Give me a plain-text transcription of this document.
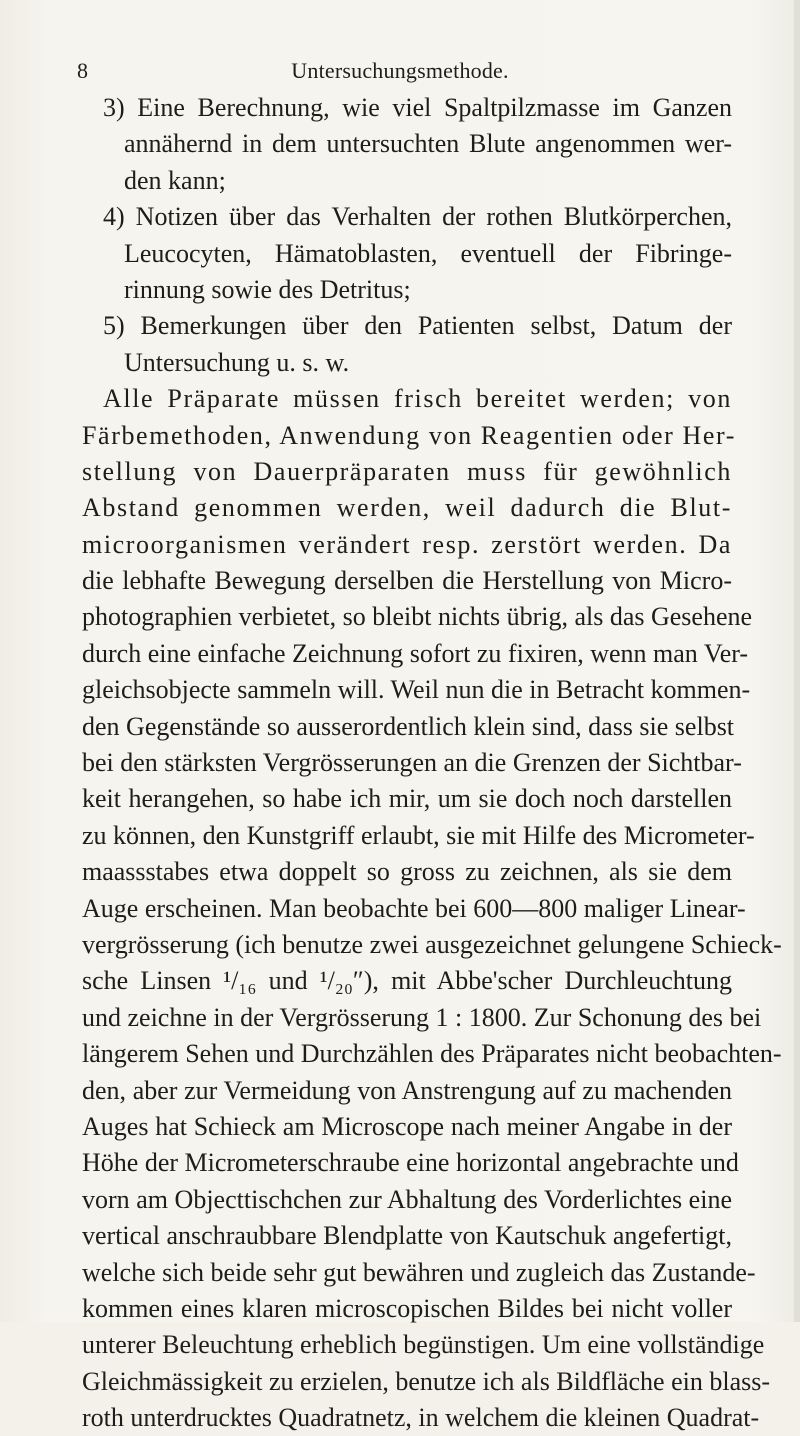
8	Untersuchungsmethode.
3) Eine Berechnung, wie viel Spaltpilzmasse im Ganzen
annähernd in dem untersuchten Blute angenommen wer-
den kann;
4) Notizen über das Verhalten der rothen Blutkörperchen,
Leucocyten, Hämatoblasten, eventuell der Fibringe-
rinnung sowie des Detritus;
5) Bemerkungen über den Patienten selbst, Datum der
Untersuchung u. s. w.
Alle Präparate müssen frisch bereitet werden; von
Färbemethoden, Anwendung von Reagentien oder Her-
stellung von Dauerpräparaten muss für gewöhnlich
Abstand genommen werden, weil dadurch die Blut-
microorganismen verändert resp. zerstört werden. Da
die lebhafte Bewegung derselben die Herstellung von Micro-
photographien verbietet, so bleibt nichts übrig, als das Gesehene
durch eine einfache Zeichnung sofort zu fixiren, wenn man Ver-
gleichsobjecte sammeln will. Weil nun die in Betracht kommen-
den Gegenstände so ausserordentlich klein sind, dass sie selbst
bei den stärksten Vergrösserungen an die Grenzen der Sichtbar-
keit herangehen, so habe ich mir, um sie doch noch darstellen
zu können, den Kunstgriff erlaubt, sie mit Hilfe des Micrometer-
maassstabes etwa doppelt so gross zu zeichnen, als sie dem
Auge erscheinen. Man beobachte bei 600—800 maliger Linear-
vergrösserung (ich benutze zwei ausgezeichnet gelungene Schieck-
sche Linsen ¹/₁₆ und ¹/₂₀″), mit Abbe'scher Durchleuchtung
und zeichne in der Vergrösserung 1 : 1800. Zur Schonung des bei
längerem Sehen und Durchzählen des Präparates nicht beobachten-
den, aber zur Vermeidung von Anstrengung auf zu machenden
Auges hat Schieck am Microscope nach meiner Angabe in der
Höhe der Micrometerschraube eine horizontal angebrachte und
vorn am Objecttischchen zur Abhaltung des Vorderlichtes eine
vertical anschraubbare Blendplatte von Kautschuk angefertigt,
welche sich beide sehr gut bewähren und zugleich das Zustande-
kommen eines klaren microscopischen Bildes bei nicht voller
unterer Beleuchtung erheblich begünstigen. Um eine vollständige
Gleichmässigkeit zu erzielen, benutze ich als Bildfläche ein blass-
roth unterdrucktes Quadratnetz, in welchem die kleinen Quadrat-
